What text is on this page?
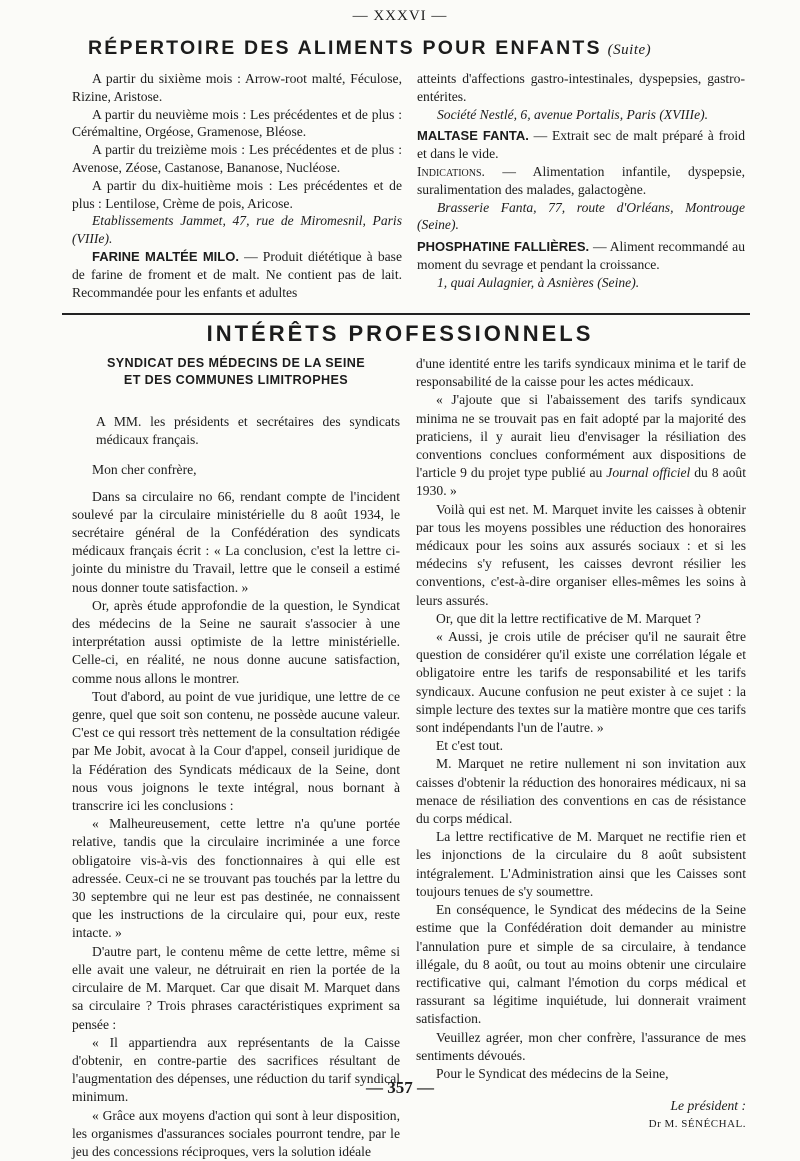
— XXXVI —
RÉPERTOIRE DES ALIMENTS POUR ENFANTS (Suite)

A partir du sixième mois : Arrow-root malté, Féculose, Rizine, Aristose.

A partir du neuvième mois : Les précédentes et de plus : Cérémaltine, Orgéose, Gramenose, Bléose.

A partir du treizième mois : Les précédentes et de plus : Avenose, Zéose, Castanose, Bananose, Nucléose.

A partir du dix-huitième mois : Les précédentes et de plus : Lentilose, Crème de pois, Aricose.

Etablissements Jammet, 47, rue de Miromesnil, Paris (VIIIe).

FARINE MALTÉE MILO. — Produit diététique à base de farine de froment et de malt. Ne contient pas de lait. Recommandée pour les enfants et adultes

atteints d'affections gastro-intestinales, dyspepsies, gastro-entérites.

Société Nestlé, 6, avenue Portalis, Paris (XVIIIe).

MALTASE FANTA. — Extrait sec de malt préparé à froid et dans le vide.

Indications. — Alimentation infantile, dyspepsie, suralimentation des malades, galactogène.

Brasserie Fanta, 77, route d'Orléans, Montrouge (Seine).

PHOSPHATINE FALLIÈRES. — Aliment recommandé au moment du sevrage et pendant la croissance.

1, quai Aulagnier, à Asnières (Seine).

INTÉRÊTS PROFESSIONNELS
SYNDICAT DES MÉDECINS DE LA SEINE
ET DES COMMUNES LIMITROPHES

A MM. les présidents et secrétaires des syndicats médicaux français.

Mon cher confrère,

Dans sa circulaire no 66, rendant compte de l'incident soulevé par la circulaire ministérielle du 8 août 1934, le secrétaire général de la Confédération des syndicats médicaux français écrit : « La conclusion, c'est la lettre ci-jointe du ministre du Travail, lettre que le conseil a estimé nous donner toute satisfaction. »

Or, après étude approfondie de la question, le Syndicat des médecins de la Seine ne saurait s'associer à une interprétation aussi optimiste de la lettre ministérielle. Celle-ci, en réalité, ne nous donne aucune satisfaction, comme nous allons le montrer.

Tout d'abord, au point de vue juridique, une lettre de ce genre, quel que soit son contenu, ne possède aucune valeur. C'est ce qui ressort très nettement de la consultation rédigée par Me Jobit, avocat à la Cour d'appel, conseil juridique de la Fédération des Syndicats médicaux de la Seine, dont nous vous joignons le texte intégral, nous bornant à transcrire ici les conclusions :

« Malheureusement, cette lettre n'a qu'une portée relative, tandis que la circulaire incriminée a une force obligatoire vis-à-vis des fonctionnaires à qui elle est adressée. Ceux-ci ne se trouvant pas touchés par la lettre du 30 septembre qui ne leur est pas destinée, ne connaissent que les instructions de la circulaire qui, pour eux, reste intacte. »

D'autre part, le contenu même de cette lettre, même si elle avait une valeur, ne détruirait en rien la portée de la circulaire de M. Marquet. Car que disait M. Marquet dans sa circulaire ? Trois phrases caractéristiques expriment sa pensée :

« Il appartiendra aux représentants de la Caisse d'obtenir, en contre-partie des sacrifices résultant de l'augmentation des dépenses, une réduction du tarif syndical minimum.

« Grâce aux moyens d'action qui sont à leur disposition, les organismes d'assurances sociales pourront tendre, par le jeu des concessions réciproques, vers la solution idéale

d'une identité entre les tarifs syndicaux minima et le tarif de responsabilité de la caisse pour les actes médicaux.

« J'ajoute que si l'abaissement des tarifs syndicaux minima ne se trouvait pas en fait adopté par la majorité des praticiens, il y aurait lieu d'envisager la résiliation des conventions conclues conformément aux dispositions de l'article 9 du projet type publié au Journal officiel du 8 août 1930. »

Voilà qui est net. M. Marquet invite les caisses à obtenir par tous les moyens possibles une réduction des honoraires médicaux pour les soins aux assurés sociaux : et si les médecins s'y refusent, les caisses devront résilier les conventions, c'est-à-dire organiser elles-mêmes les soins à leurs assurés.

Or, que dit la lettre rectificative de M. Marquet ?

« Aussi, je crois utile de préciser qu'il ne saurait être question de considérer qu'il existe une corrélation légale et obligatoire entre les tarifs de responsabilité et les tarifs syndicaux. Aucune confusion ne peut exister à ce sujet : la simple lecture des textes sur la matière montre que ces tarifs sont indépendants l'un de l'autre. »

Et c'est tout.

M. Marquet ne retire nullement ni son invitation aux caisses d'obtenir la réduction des honoraires médicaux, ni sa menace de résiliation des conventions en cas de résistance du corps médical.

La lettre rectificative de M. Marquet ne rectifie rien et les injonctions de la circulaire du 8 août subsistent intégralement. L'Administration ainsi que les Caisses sont toujours tenues de s'y soumettre.

En conséquence, le Syndicat des médecins de la Seine estime que la Confédération doit demander au ministre l'annulation pure et simple de sa circulaire, à tendance illégale, du 8 août, ou tout au moins obtenir une circulaire rectificative qui, calmant l'émotion du corps médical et rassurant sa légitime inquiétude, lui donnerait vraiment satisfaction.

Veuillez agréer, mon cher confrère, l'assurance de mes sentiments dévoués.

Pour le Syndicat des médecins de la Seine,

Le président :

Dr M. SÉNÉCHAL.

— 357 —
